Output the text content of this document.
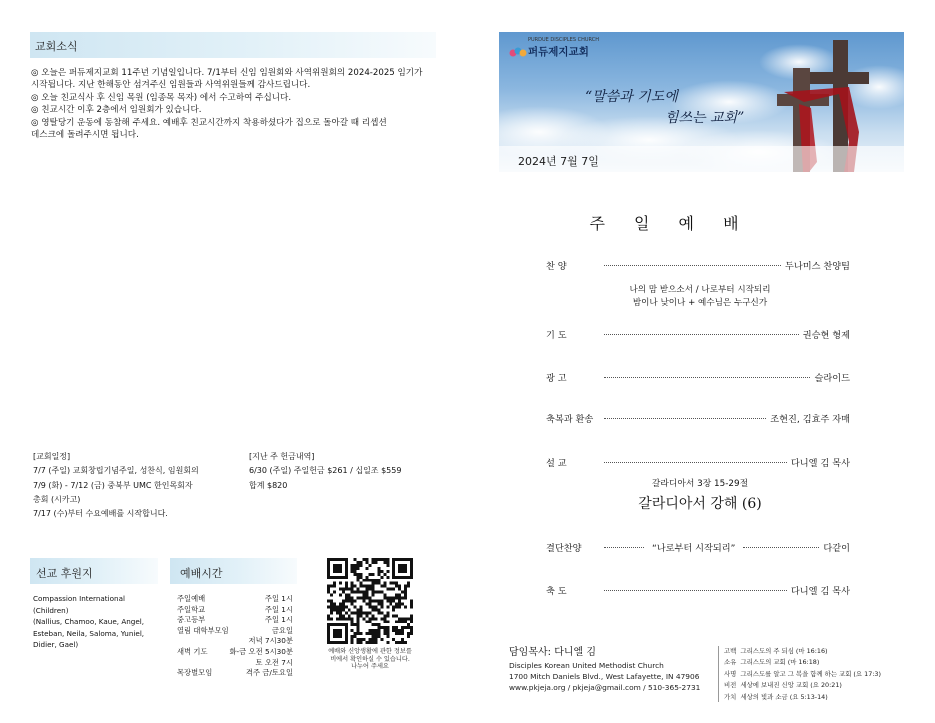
교회소식

◎ 오늘은 퍼듀제지교회 11주년 기념일입니다. 7/1부터 신임 임원회와 사역위원회의 2024-2025 임기가

시작됩니다. 지난 한해동안 섬겨주신 임원들과 사역위원들께 감사드립니다.

◎ 오늘 친교식사 후 신임 목원 (임종목 목자) 에서 수고하여 주십니다.

◎ 친교시간 이후 2층에서 임원회가 있습니다.

◎ 영탈당기 운동에 동참해 주세요. 예배후 친교시간까지 착용하셨다가 집으로 돌아갈 때 리셉션

데스크에 돌려주시면 됩니다.

[교회일정]
7/7 (주일) 교회창립기념주일, 성찬식, 임원회의
7/9 (화) - 7/12 (금) 중북부 UMC 한인목회자
총회 (시카고)
7/17 (수)부터 수요예배를 시작합니다.
[지난 주 헌금내역]
6/30 (주일) 주일헌금 $261 / 십일조 $559
합계 $820
선교 후원지
Compassion International
(Children)
(Nallius, Chamoo, Kaue, Angel,
Esteban, Neila, Saloma, Yuniel,
Didier, Gael)
예배시간
주일예배	주일 1시
주일학교	주일 1시
중고등부	주일 1시
열림 대학부모임	금요일
	저녁 7시30분
새벽 기도	화-금 오전 5시30분
	토 오전 7시
목장별모임	격주 금/토요일
예배와 신앙생활에 관한 정보를
비에서 확인하실 수 있습니다.
나누어 주세요
PURDUE DISCIPLES CHURCH
퍼듀제지교회
“말씀과 기도에
힘쓰는 교회”
2024년 7월 7일
주 일 예 배
찬 양	두나미스 찬양팀
나의 맘 받으소서 / 나로부터 시작되리
밤이나 낮이나 + 예수님은 누구신가
기 도	권승현 형제
광 고	슬라이드
축복과 환송	조현진, 김효주 자매
설 교	다니엘 김 목사
갈라디아서 3장 15-29절
갈라디아서 강해 (6)
결단찬양	“나로부터 시작되리”	다같이
축 도	다니엘 김 목사
담임목사: 다니엘 김
Disciples Korean United Methodist Church
1700 Mitch Daniels Blvd., West Lafayette, IN 47906
www.pkjeja.org / pkjeja@gmail.com / 510-365-2731
고백 그리스도의 주 되심 (마 16:16)
소유 그리스도의 교회 (마 16:18)
사명 그리스도를 알고 그 복을 함께 하는 교회 (요 17:3)
비전 세상에 보내진 신앙 교회 (요 20:21)
가치 세상의 빛과 소금 (요 5:13-14)
